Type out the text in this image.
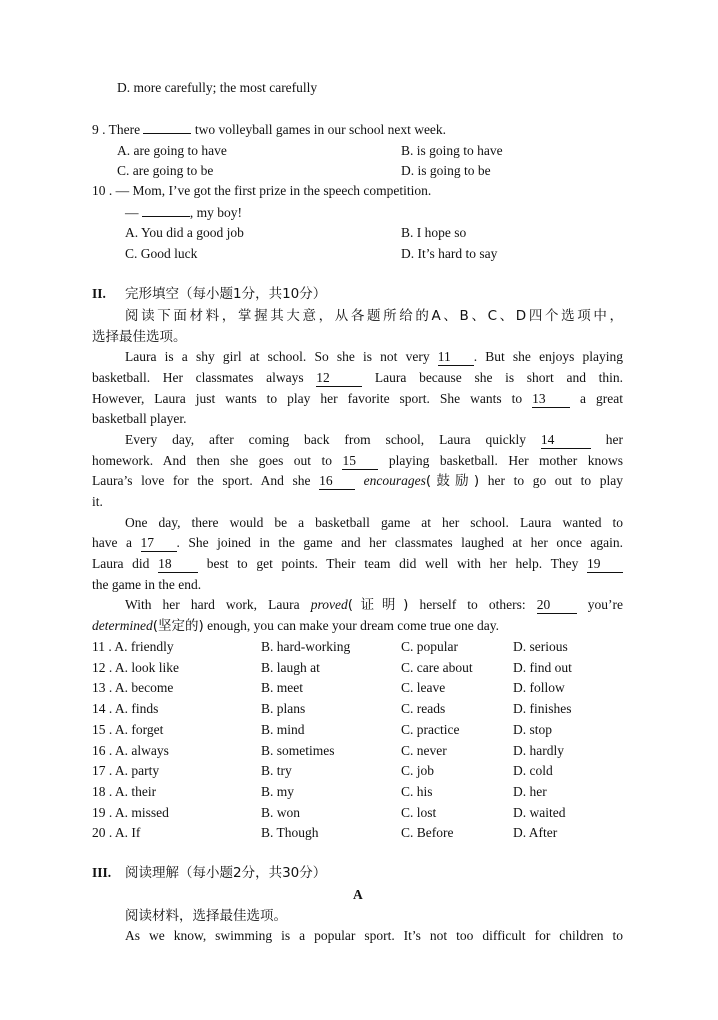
D. more carefully; the most carefully
9 . There	two volleyball games in our school next week.
A. are going to have	B. is going to have
C. are going to be	D. is going to be
10 . — Mom, I’ve got the first prize in the speech competition.
—	, my boy!
A. You did a good job	B. I hope so
C. Good luck	D. It’s hard to say
II. 完形填空（每小题1分，共10分）
阅读下面材料，掌握其大意，从各题所给的A、B、C、D四个选项中，
选择最佳选项。
Laura is a shy girl at school. So she is not very 11 . But she enjoys playing
basketball. Her classmates always 12 Laura because she is short and thin.
However, Laura just wants to play her favorite sport. She wants to 13 a great
basketball player.
Every day, after coming back from school, Laura quickly 14	her
homework. And then she goes out to 15 playing basketball. Her mother knows
Laura’s love for the sport. And she 16 encourages(鼓励) her to go out to play
it.
One day, there would be a basketball game at her school. Laura wanted to
have a 17 . She joined in the game and her classmates laughed at her once again.
Laura did 18 best to get points. Their team did well with her help. They 19
the game in the end.
With her hard work, Laura proved(证明) herself to others: 20 you’re
determined(坚定的) enough, you can make your dream come true one day.
11 . A. friendly	B. hard-working	C. popular	D. serious
12 . A. look like	B. laugh at	C. care about	D. find out
13 . A. become	B. meet	C. leave	D. follow
14 . A. finds	B. plans	C. reads	D. finishes
15 . A. forget	B. mind	C. practice	D. stop
16 . A. always	B. sometimes	C. never	D. hardly
17 . A. party	B. try	C. job	D. cold
18 . A. their	B. my	C. his	D. her
19 . A. missed	B. won	C. lost	D. waited
20 . A. If	B. Though	C. Before	D. After
III. 阅读理解（每小题2分，共30分）
A
阅读材料，选择最佳选项。
As we know, swimming is a popular sport. It’s not too difficult for children to
